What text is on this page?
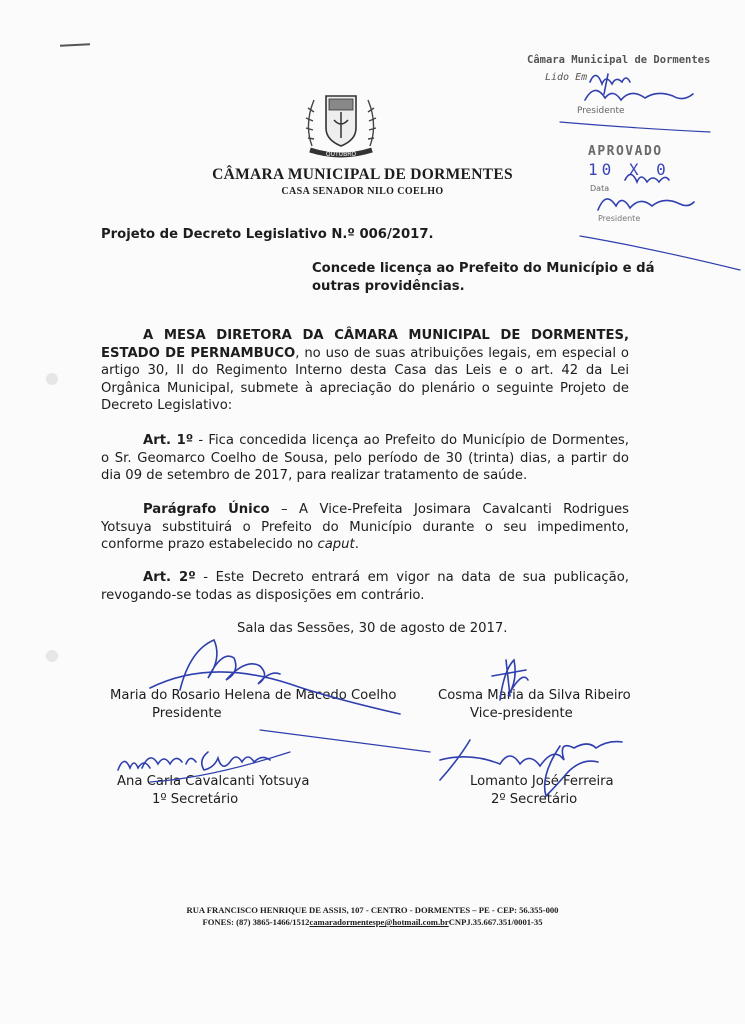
OUTUBRO
CÂMARA MUNICIPAL DE DORMENTES
CASA SENADOR NILO COELHO
Câmara Municipal de Dormentes
Lido Em
Presidente
APROVADO
10 X 0
Data
Presidente
Projeto de Decreto Legislativo N.º 006/2017.
Concede licença ao Prefeito do Município e dá outras providências.
A MESA DIRETORA DA CÂMARA MUNICIPAL DE DORMENTES, ESTADO DE PERNAMBUCO, no uso de suas atribuições legais, em especial o artigo 30, II do Regimento Interno desta Casa das Leis e o art. 42 da Lei Orgânica Municipal, submete à apreciação do plenário o seguinte Projeto de Decreto Legislativo:
Art. 1º - Fica concedida licença ao Prefeito do Município de Dormentes, o Sr. Geomarco Coelho de Sousa, pelo período de 30 (trinta) dias, a partir do dia 09 de setembro de 2017, para realizar tratamento de saúde.
Parágrafo Único – A Vice-Prefeita Josimara Cavalcanti Rodrigues Yotsuya substituirá o Prefeito do Município durante o seu impedimento, conforme prazo estabelecido no caput.
Art. 2º - Este Decreto entrará em vigor na data de sua publicação, revogando-se todas as disposições em contrário.
Sala das Sessões, 30 de agosto de 2017.
Maria do Rosario Helena de Macedo Coelho
Presidente
Cosma Maria da Silva Ribeiro
Vice-presidente
Ana Carla Cavalcanti Yotsuya
1º Secretário
Lomanto José Ferreira
2º Secretário
RUA FRANCISCO HENRIQUE DE ASSIS, 107 - CENTRO - DORMENTES – PE - CEP: 56.355-000
FONES: (87) 3865-1466/1512camaradormentespe@hotmail.com.brCNPJ.35.667.351/0001-35
